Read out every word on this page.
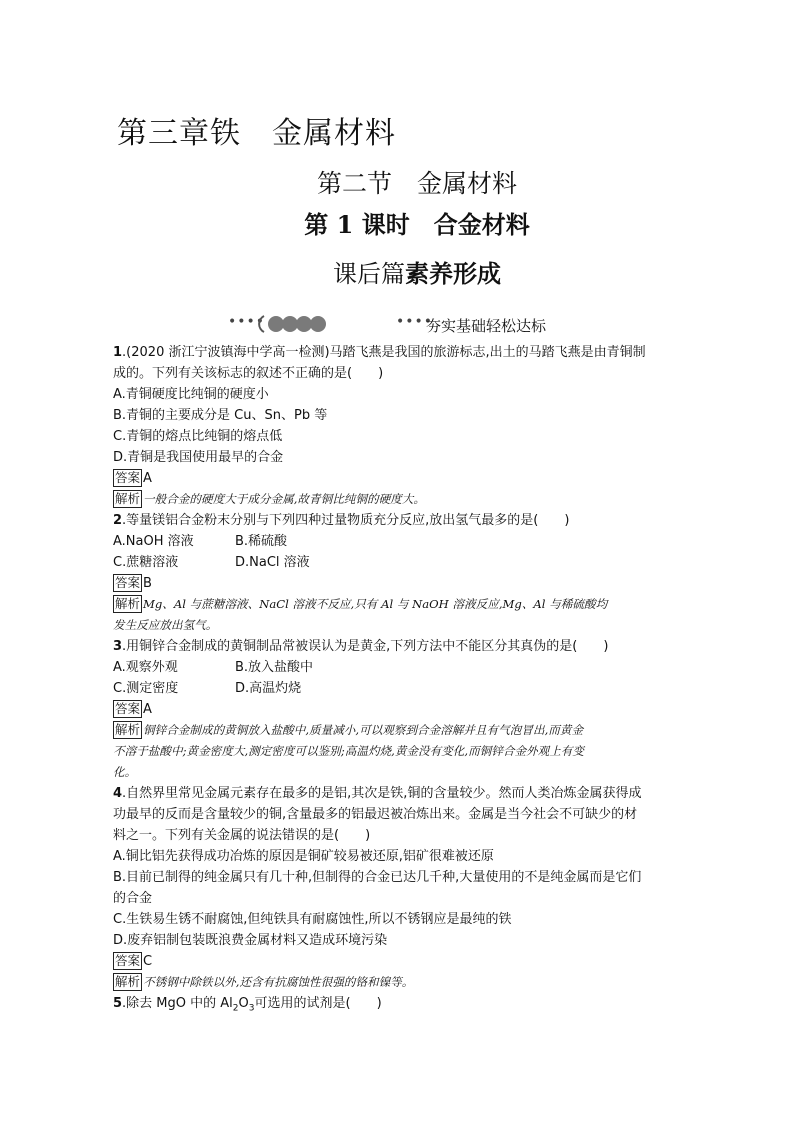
第三章铁　金属材料
第二节　金属材料
第 1 课时　合金材料
课后篇素养形成
••••	••••
夯实基础轻松达标
1.(2020 浙江宁波镇海中学高一检测)马踏飞燕是我国的旅游标志,出土的马踏飞燕是由青铜制
成的。下列有关该标志的叙述不正确的是(　　)
A.青铜硬度比纯铜的硬度小
B.青铜的主要成分是 Cu、Sn、Pb 等
C.青铜的熔点比纯铜的熔点低
D.青铜是我国使用最早的合金
答案 A
解析 一般合金的硬度大于成分金属,故青铜比纯铜的硬度大。
2.等量镁铝合金粉末分别与下列四种过量物质充分反应,放出氢气最多的是(　　)
A.NaOH 溶液	B.稀硫酸
C.蔗糖溶液	D.NaCl 溶液
答案 B
解析 Mg、Al 与蔗糖溶液、NaCl 溶液不反应,只有 Al 与 NaOH 溶液反应,Mg、Al 与稀硫酸均
发生反应放出氢气。
3.用铜锌合金制成的黄铜制品常被误认为是黄金,下列方法中不能区分其真伪的是(　　)
A.观察外观	B.放入盐酸中
C.测定密度	D.高温灼烧
答案 A
解析 铜锌合金制成的黄铜放入盐酸中,质量减小,可以观察到合金溶解并且有气泡冒出,而黄金
不溶于盐酸中;黄金密度大,测定密度可以鉴别;高温灼烧,黄金没有变化,而铜锌合金外观上有变
化。
4.自然界里常见金属元素存在最多的是铝,其次是铁,铜的含量较少。然而人类冶炼金属获得成
功最早的反而是含量较少的铜,含量最多的铝最迟被冶炼出来。金属是当今社会不可缺少的材
料之一。下列有关金属的说法错误的是(　　)
A.铜比铝先获得成功冶炼的原因是铜矿较易被还原,铝矿很难被还原
B.目前已制得的纯金属只有几十种,但制得的合金已达几千种,大量使用的不是纯金属而是它们
的合金
C.生铁易生锈不耐腐蚀,但纯铁具有耐腐蚀性,所以不锈钢应是最纯的铁
D.废弃铝制包装既浪费金属材料又造成环境污染
答案 C
解析 不锈钢中除铁以外,还含有抗腐蚀性很强的铬和镍等。
5.除去 MgO 中的 $Al_2O_3$可选用的试剂是(　　)
